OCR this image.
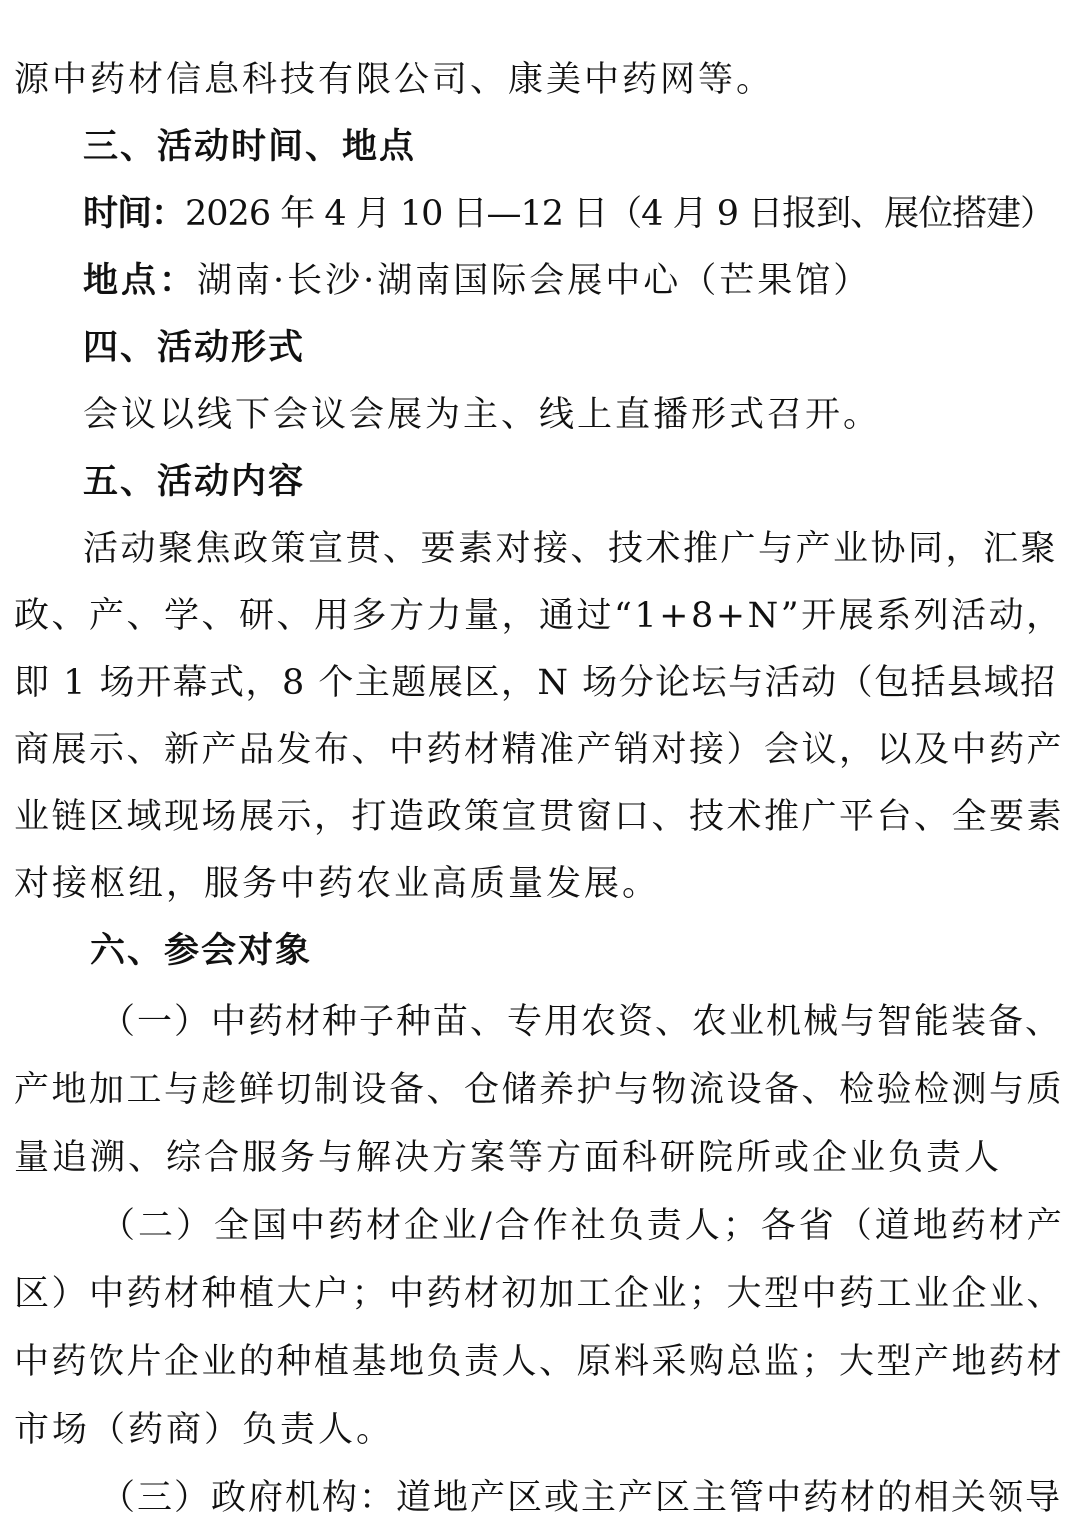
源中药材信息科技有限公司、康美中药网等。
三、活动时间、地点
时间：2026 年 4 月 10 日—12 日（4 月 9 日报到、展位搭建）
地点：湖南·长沙·湖南国际会展中心（芒果馆）
四、活动形式
会议以线下会议会展为主、线上直播形式召开。
五、活动内容
活动聚焦政策宣贯、要素对接、技术推广与产业协同，汇聚
政、产、学、研、用多方力量，通过“1+8+N”开展系列活动，
即 1 场开幕式，8 个主题展区，N 场分论坛与活动（包括县域招
商展示、新产品发布、中药材精准产销对接）会议，以及中药产
业链区域现场展示，打造政策宣贯窗口、技术推广平台、全要素
对接枢纽，服务中药农业高质量发展。
六、参会对象
（一）中药材种子种苗、专用农资、农业机械与智能装备、
产地加工与趁鲜切制设备、仓储养护与物流设备、检验检测与质
量追溯、综合服务与解决方案等方面科研院所或企业负责人
（二）全国中药材企业/合作社负责人；各省（道地药材产
区）中药材种植大户；中药材初加工企业；大型中药工业企业、
中药饮片企业的种植基地负责人、原料采购总监；大型产地药材
市场（药商）负责人。
（三）政府机构：道地产区或主产区主管中药材的相关领导
